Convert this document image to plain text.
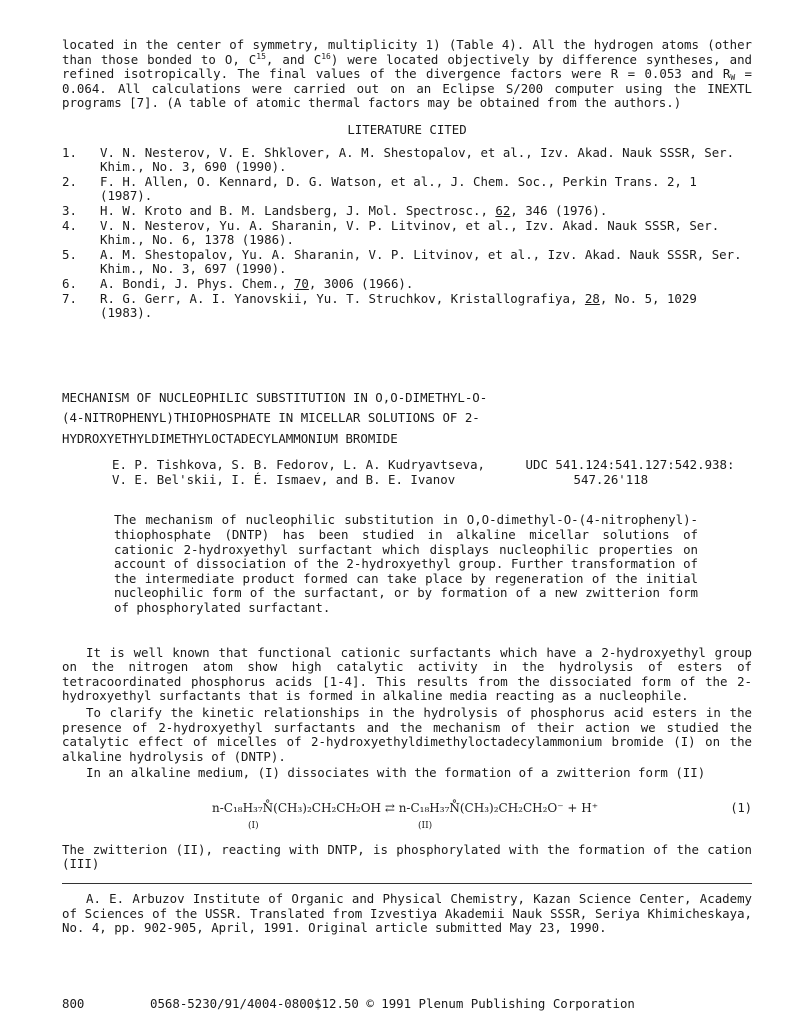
located in the center of symmetry, multiplicity 1) (Table 4). All the hydrogen atoms (other than those bonded to O, $C^{15}$, and $C^{16}$) were located objectively by difference syntheses, and refined isotropically. The final values of the divergence factors were R = 0.053 and $R_W = 0.064$. All calculations were carried out on an Eclipse S/200 computer using the INEXTL programs [7]. (A table of atomic thermal factors may be obtained from the authors.)

LITERATURE CITED

1.	V. N. Nesterov, V. E. Shklover, A. M. Shestopalov, et al., Izv. Akad. Nauk SSSR, Ser. Khim., No. 3, 690 (1990).
2.	F. H. Allen, O. Kennard, D. G. Watson, et al., J. Chem. Soc., Perkin Trans. 2, 1 (1987).
3.	H. W. Kroto and B. M. Landsberg, J. Mol. Spectrosc., 62, 346 (1976).
4.	V. N. Nesterov, Yu. A. Sharanin, V. P. Litvinov, et al., Izv. Akad. Nauk SSSR, Ser. Khim., No. 6, 1378 (1986).
5.	A. M. Shestopalov, Yu. A. Sharanin, V. P. Litvinov, et al., Izv. Akad. Nauk SSSR, Ser. Khim., No. 3, 697 (1990).
6.	A. Bondi, J. Phys. Chem., 70, 3006 (1966).
7.	R. G. Gerr, A. I. Yanovskii, Yu. T. Struchkov, Kristallografiya, 28, No. 5, 1029 (1983).
MECHANISM OF NUCLEOPHILIC SUBSTITUTION IN O,O-DIMETHYL-O-
(4-NITROPHENYL)THIOPHOSPHATE IN MICELLAR SOLUTIONS OF 2-
HYDROXYETHYLDIMETHYLOCTADECYLAMMONIUM BROMIDE
E. P. Tishkova, S. B. Fedorov, L. A. Kudryavtseva,
V. E. Bel'skii, I. É. Ismaev, and B. E. Ivanov
UDC 541.124:541.127:542.938:
547.26'118

The mechanism of nucleophilic substitution in O,O-dimethyl-O-(4-nitrophenyl)-thiophosphate (DNTP) has been studied in alkaline micellar solutions of cationic 2-hydroxyethyl surfactant which displays nucleophilic properties on account of dissociation of the 2-hydroxyethyl group. Further transformation of the intermediate product formed can take place by regeneration of the initial nucleophilic form of the surfactant, or by formation of a new zwitterion form of phosphorylated surfactant.

It is well known that functional cationic surfactants which have a 2-hydroxyethyl group on the nitrogen atom show high catalytic activity in the hydrolysis of esters of tetracoordinated phosphorus acids [1-4]. This results from the dissociated form of the 2-hydroxyethyl surfactants that is formed in alkaline media reacting as a nucleophile.

To clarify the kinetic relationships in the hydrolysis of phosphorus acid esters in the presence of 2-hydroxyethyl surfactants and the mechanism of their action we studied the catalytic effect of micelles of 2-hydroxyethyldimethyloctadecylammonium bromide (I) on the alkaline hydrolysis of (DNTP).

In an alkaline medium, (I) dissociates with the formation of a zwitterion form (II)

n-C₁₈H₃₇N̊(CH₃)₂CH₂CH₂OH ⇄ n-C₁₈H₃₇N̊(CH₃)₂CH₂CH₂O⁻ + H⁺
(I)	(II)
(1)

The zwitterion (II), reacting with DNTP, is phosphorylated with the formation of the cation (III)

A. E. Arbuzov Institute of Organic and Physical Chemistry, Kazan Science Center, Academy of Sciences of the USSR. Translated from Izvestiya Akademii Nauk SSSR, Seriya Khimicheskaya, No. 4, pp. 902-905, April, 1991. Original article submitted May 23, 1990.

800	0568-5230/91/4004-0800$12.50 © 1991 Plenum Publishing Corporation
